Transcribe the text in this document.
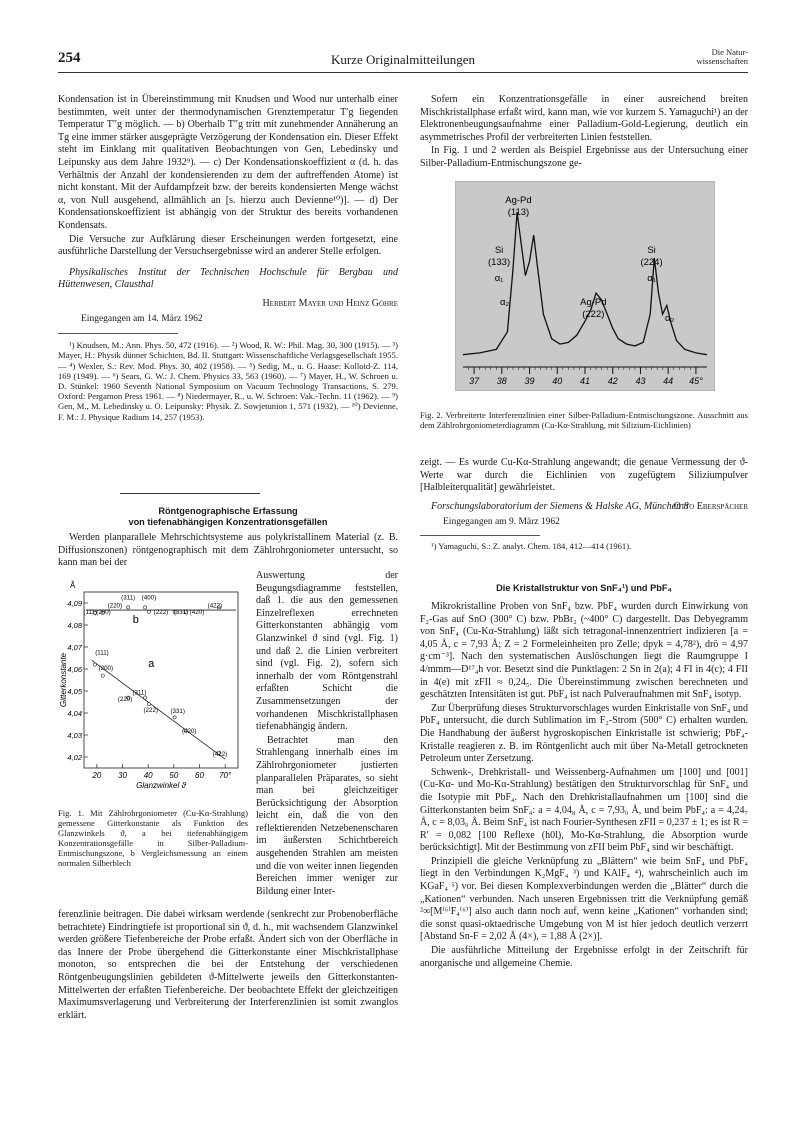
254	Kurze Originalmitteilungen	Die Natur-
wissenschaften

Kondensation ist in Übereinstimmung mit Knudsen und Wood nur unterhalb einer bestimmten, weit unter der thermodynamischen Grenztemperatur T′g liegenden Temperatur T″g möglich. — b) Oberhalb T″g tritt mit zunehmender Annäherung an Tg eine immer stärker ausgeprägte Verzögerung der Kondensation ein. Dieser Effekt steht im Einklang mit qualitativen Beobachtungen von Gen, Lebedinsky und Leipunsky aus dem Jahre 1932⁹). — c) Der Kondensationskoeffizient α (d. h. das Verhältnis der Anzahl der kondensierenden zu dem der auftreffenden Atome) ist nicht konstant. Mit der Aufdampfzeit bzw. der bereits kondensierten Menge wächst α, von Null ausgehend, allmählich an [s. hierzu auch Devienne¹⁰)]. — d) Der Kondensationskoeffizient ist abhängig von der Struktur des bereits vorhandenen Kondensats.

Die Versuche zur Aufklärung dieser Erscheinungen werden fortgesetzt, eine ausführliche Darstellung der Versuchsergebnisse wird an anderer Stelle erfolgen.

Physikalisches Institut der Technischen Hochschule für Bergbau und Hüttenwesen, Clausthal

Herbert Mayer und Heinz Göhre

Eingegangen am 14. März 1962

¹) Knudsen, M.: Ann. Phys. 50, 472 (1916). — ²) Wood, R. W.: Phil. Mag. 30, 300 (1915). — ³) Mayer, H.: Physik dünner Schichten, Bd. II. Stuttgart: Wissenschaftliche Verlagsgesellschaft 1955. — ⁴) Wexler, S.: Rev. Mod. Phys. 30, 402 (1958). — ⁵) Sedig, M., u. G. Haase: Kolloid-Z. 114, 169 (1949). — ⁶) Sears, G. W.: J. Chem. Physics 33, 563 (1960). — ⁷) Mayer, H., W. Schroen u. D. Stünkel: 1960 Seventh National Symposium on Vacuum Technology Transactions, S. 279. Oxford: Pergamon Press 1961. — ⁸) Niedermayer, R., u. W. Schroen: Vak.-Techn. 11 (1962). — ⁹) Gen, M., M. Lebedinsky u. O. Leipunsky: Physik. Z. Sowjetunion 1, 571 (1932). — ¹⁰) Devienne, F. M.: J. Physique Radium 14, 257 (1953).

Röntgenographische Erfassung
von tiefenabhängigen Konzentrationsgefällen

Werden planparallele Mehrschichtsysteme aus polykristallinem Material (z. B. Diffusionszonen) röntgenographisch mit dem Zählrohrgoniometer untersucht, so kann man bei der

Auswertung der Beugungsdiagramme feststellen, daß 1. die aus den gemessenen Einzelreflexen errechneten Gitterkonstanten abhängig vom Glanzwinkel ϑ sind (vgl. Fig. 1) und daß 2. die Linien verbreitert sind (vgl. Fig. 2), sofern sich innerhalb der vom Röntgenstrahl erfaßten Schicht die Zusammensetzungen der vorhandenen Mischkristallphasen tiefenabhängig ändern.

Betrachtet man den Strahlengang innerhalb eines im Zählrohrgoniometer justierten planparallelen Präparates, so sieht man bei gleichzeitiger Berücksichtigung der Absorption leicht ein, daß die von den reflektierenden Netzebenenscharen im äußersten Schichtbereich ausgehenden Strahlen am meisten und die von weiter innen liegenden Bereichen immer weniger zur Bildung einer Inter-

20 30 40 50 60 70°
4,09
4,08
4,07
4,06
4,05
4,04
4,03
4,02
Å
Gitterkonstante
Glanzwinkel ϑ
a
b
(311) (400)
(220)	(422)
(111) (200)	(222) (331) (420)
(111)
(200)
(220)
(311)
(222) (331)
(420)
(422)
Fig. 1. Mit Zählrohrgoniometer (Cu-Kα-Strahlung) gemessene Gitterkonstante als Funktion des Glanzwinkels ϑ, a bei tiefenabhängigem Konzentrationsgefälle in Silber-Palladium-Entmischungszone, b Vergleichsmessung an einem normalen Silberblech

ferenzlinie beitragen. Die dabei wirksam werdende (senkrecht zur Probenoberfläche betrachtete) Eindringtiefe ist proportional sin ϑ, d. h., mit wachsendem Glanzwinkel werden größere Tiefenbereiche der Probe erfaßt. Ändert sich von der Oberfläche in das Innere der Probe übergehend die Gitterkonstante einer Mischkristallphase monoton, so entsprechen die bei der Entstehung der verschiedenen Röntgenbeugungslinien gebildeten ϑ-Mittelwerte jeweils den Gitterkonstanten-Mittelwerten der erfaßten Tiefenbereiche. Der beobachtete Effekt der gleichzeitigen Maximumsverlagerung und Verbreiterung der Interferenzlinien ist somit zwanglos erklärt.

Sofern ein Konzentrationsgefälle in einer ausreichend breiten Mischkristallphase erfaßt wird, kann man, wie vor kurzem S. Yamaguchi¹) an der Elektronenbeugungsaufnahme einer Palladium-Gold-Legierung, deutlich ein asymmetrisches Profil der verbreiterten Linien feststellen.

In Fig. 1 und 2 werden als Beispiel Ergebnisse aus der Untersuchung einer Silber-Palladium-Entmischungszone ge-

37 38 39 40 41 42 43 44 45°
Ag-Pd
(113)
Si
(133)
α₁
α₂	Ag-Pd
(222)
Si
(224)
α₁
α₂
Fig. 2. Verbreiterte Interferenzlinien einer Silber-Palladium-Entmischungszone. Ausschnitt aus dem Zählrohrgoniometerdiagramm (Cu-Kα-Strahlung, mit Silizium-Eichlinien)

zeigt. — Es wurde Cu-Kα-Strahlung angewandt; die genaue Vermessung der ϑ-Werte war durch die Eichlinien von zugefügtem Siliziumpulver [Halbleiterqualität] gewährleistet.

Forschungslaboratorium der Siemens & Halske AG, München 8

Otto Eberspächer

Eingegangen am 9. März 1962

¹) Yamaguchi, S.: Z. analyt. Chem. 184, 412—414 (1961).

Die Kristallstruktur von SnF₄¹) und PbF₄

Mikrokristalline Proben von SnF₄ bzw. PbF₄ wurden durch Einwirkung von F₂-Gas auf SnO (300° C) bzw. PbBr₂ (~400° C) dargestellt. Das Debyegramm von SnF₄ (Cu-Kα-Strahlung) läßt sich tetragonal-innenzentriert indizieren [a = 4,05 Å, c = 7,93 Å; Z = 2 Formeleinheiten pro Zelle; dpyk = 4,78²), drö = 4,97 g·cm⁻³]. Nach den systematischen Auslöschungen liegt die Raumgruppe I 4/mmm—D¹⁷₄h vor. Besetzt sind die Punktlagen: 2 Sn in 2(a); 4 FI in 4(c); 4 FII in 4(e) mit zFII ≈ 0,24₅. Die Übereinstimmung zwischen berechneten und geschätzten Intensitäten ist gut. PbF₄ ist nach Pulveraufnahmen mit SnF₄ isotyp.

Zur Überprüfung dieses Strukturvorschlages wurden Einkristalle von SnF₄ und PbF₄ untersucht, die durch Sublimation im F₂-Strom (500° C) erhalten wurden. Die Handhabung der äußerst hygroskopischen Einkristalle ist schwierig; PbF₄-Kristalle reagieren z. B. im Röntgenlicht auch mit über Na-Metall getrockneten Petroleum unter Zersetzung.

Schwenk-, Drehkristall- und Weissenberg-Aufnahmen um [100] und [001] (Cu-Kα- und Mo-Kα-Strahlung) bestätigen den Strukturvorschlag für SnF₄ und die Isotypie mit PbF₄. Nach den Drehkristallaufnahmen um [100] sind die Gitterkonstanten beim SnF₄: a = 4,04₈ Å, c = 7,93₀ Å, und beim PbF₄: a = 4,24₇ Å, c = 8,03₀ Å. Beim SnF₄ ist nach Fourier-Synthesen zFII = 0,237 ± 1; es ist R = R′ = 0,082 [100 Reflexe (h0l), Mo-Kα-Strahlung, die Absorption wurde berücksichtigt]. Mit der Bestimmung von zFII beim PbF₄ sind wir beschäftigt.

Prinzipiell die gleiche Verknüpfung zu „Blättern“ wie beim SnF₄ und PbF₄ liegt in den Verbindungen K₂MgF₄ ³) und KAlF₄ ⁴), wahrscheinlich auch im KGaF₄ ⁵) vor. Bei diesen Komplexverbindungen werden die „Blätter“ durch die „Kationen“ verbunden. Nach unseren Ergebnissen tritt die Verknüpfung gemäß ²∞[M⁽⁶⁾F₄⁽⁶⁾] also auch dann noch auf, wenn keine „Kationen“ vorhanden sind; die sonst quasi-oktaedrische Umgebung von M ist hier jedoch deutlich verzerrt [Abstand Sn-F = 2,02 Å (4×), = 1,88 Å (2×)].

Die ausführliche Mitteilung der Ergebnisse erfolgt in der Zeitschrift für anorganische und allgemeine Chemie.
